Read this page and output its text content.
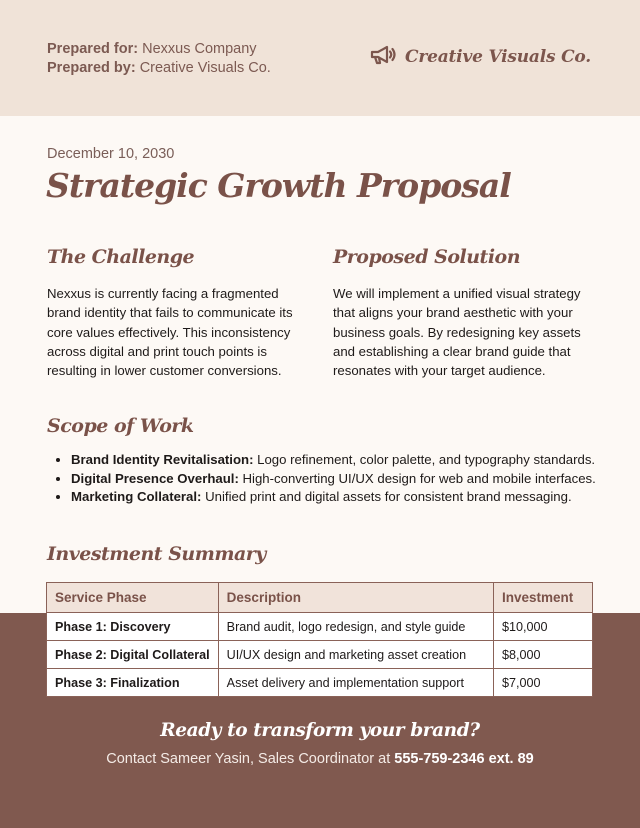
Prepared for: Nexxus Company
Prepared by: Creative Visuals Co.
Creative Visuals Co.
December 10, 2030
Strategic Growth Proposal
The Challenge
Nexxus is currently facing a fragmented
brand identity that fails to communicate its
core values effectively. This inconsistency
across digital and print touch points is
resulting in lower customer conversions.
Proposed Solution
We will implement a unified visual strategy
that aligns your brand aesthetic with your
business goals. By redesigning key assets
and establishing a clear brand guide that
resonates with your target audience.
Scope of Work
• Brand Identity Revitalisation: Logo refinement, color palette, and typography standards.
• Digital Presence Overhaul: High-converting UI/UX design for web and mobile interfaces.
• Marketing Collateral: Unified print and digital assets for consistent brand messaging.
Investment Summary
Service Phase	Description	Investment
Phase 1: Discovery	Brand audit, logo redesign, and style guide	$10,000
Phase 2: Digital Collateral	UI/UX design and marketing asset creation	$8,000
Phase 3: Finalization	Asset delivery and implementation support	$7,000
Ready to transform your brand?
Contact Sameer Yasin, Sales Coordinator at 555-759-2346 ext. 89
